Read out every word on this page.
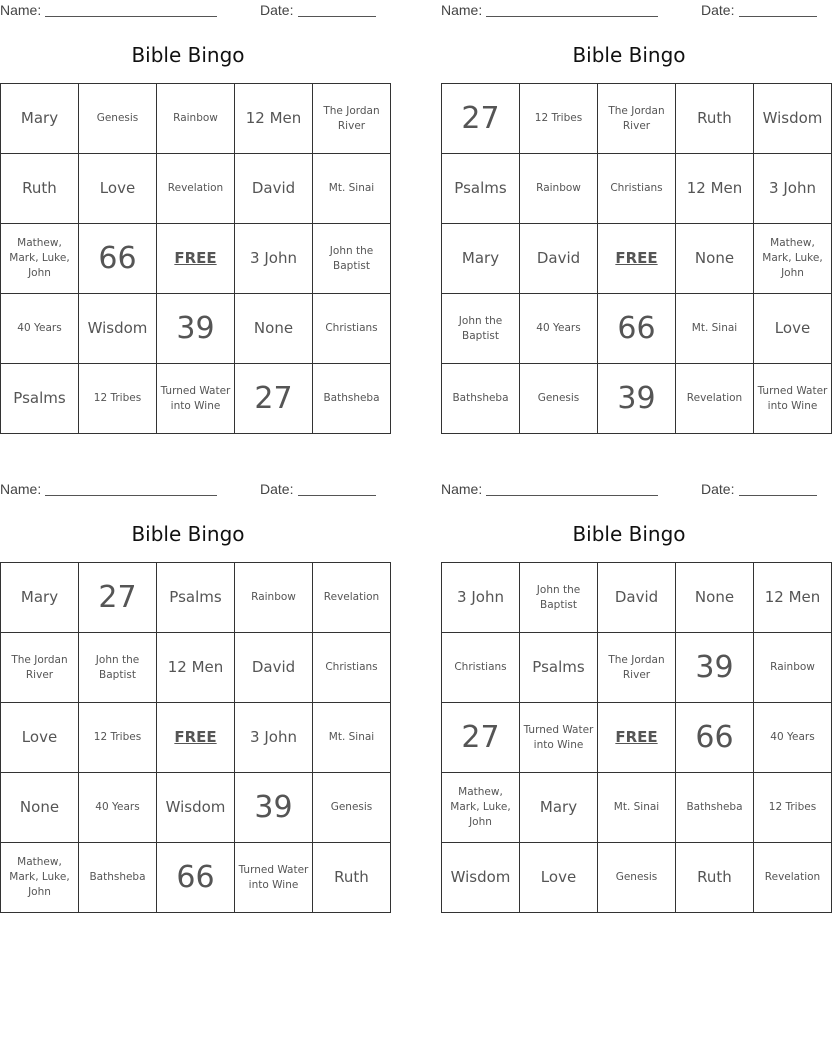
Name:	Date:
Bible Bingo
Mary	Genesis	Rainbow	12 Men	The Jordan River
Ruth	Love	Revelation	David	Mt. Sinai
Mathew, Mark, Luke, John	66	FREE	3 John	John the Baptist
40 Years	Wisdom	39	None	Christians
Psalms	12 Tribes	Turned Water into Wine	27	Bathsheba
Name:	Date:
Bible Bingo
27	12 Tribes	The Jordan River	Ruth	Wisdom
Psalms	Rainbow	Christians	12 Men	3 John
Mary	David	FREE	None	Mathew, Mark, Luke, John
John the Baptist	40 Years	66	Mt. Sinai	Love
Bathsheba	Genesis	39	Revelation	Turned Water into Wine
Name:	Date:
Bible Bingo
Mary	27	Psalms	Rainbow	Revelation
The Jordan River	John the Baptist	12 Men	David	Christians
Love	12 Tribes	FREE	3 John	Mt. Sinai
None	40 Years	Wisdom	39	Genesis
Mathew, Mark, Luke, John	Bathsheba	66	Turned Water into Wine	Ruth
Name:	Date:
Bible Bingo
3 John	John the Baptist	David	None	12 Men
Christians	Psalms	The Jordan River	39	Rainbow
27	Turned Water into Wine	FREE	66	40 Years
Mathew, Mark, Luke, John	Mary	Mt. Sinai	Bathsheba	12 Tribes
Wisdom	Love	Genesis	Ruth	Revelation
